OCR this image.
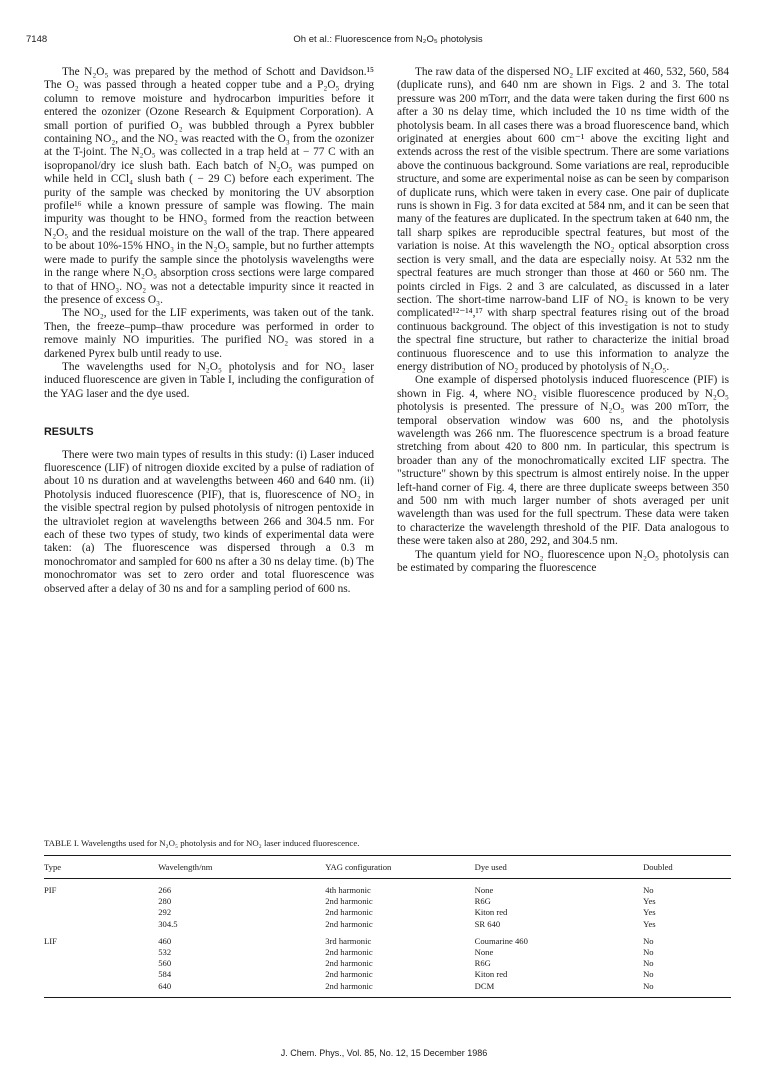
7148	Oh et al.: Fluorescence from N₂O₅ photolysis

The N₂O₅ was prepared by the method of Schott and Davidson.¹⁵ The O₂ was passed through a heated copper tube and a P₂O₅ drying column to remove moisture and hydrocarbon impurities before it entered the ozonizer (Ozone Research & Equipment Corporation). A small portion of purified O₂ was bubbled through a Pyrex bubbler containing NO₂, and the NO₂ was reacted with the O₃ from the ozonizer at the T-joint. The N₂O₅ was collected in a trap held at − 77 C with an isopropanol/dry ice slush bath. Each batch of N₂O₅ was pumped on while held in CCl₄ slush bath ( − 29 C) before each experiment. The purity of the sample was checked by monitoring the UV absorption profile¹⁶ while a known pressure of sample was flowing. The main impurity was thought to be HNO₃ formed from the reaction between N₂O₅ and the residual moisture on the wall of the trap. There appeared to be about 10%-15% HNO₃ in the N₂O₅ sample, but no further attempts were made to purify the sample since the photolysis wavelengths were in the range where N₂O₅ absorption cross sections were large compared to that of HNO₃. NO₂ was not a detectable impurity since it reacted in the presence of excess O₃.

The NO₂, used for the LIF experiments, was taken out of the tank. Then, the freeze–pump–thaw procedure was performed in order to remove mainly NO impurities. The purified NO₂ was stored in a darkened Pyrex bulb until ready to use.

The wavelengths used for N₂O₅ photolysis and for NO₂ laser induced fluorescence are given in Table I, including the configuration of the YAG laser and the dye used.

RESULTS

There were two main types of results in this study: (i) Laser induced fluorescence (LIF) of nitrogen dioxide excited by a pulse of radiation of about 10 ns duration and at wavelengths between 460 and 640 nm. (ii) Photolysis induced fluorescence (PIF), that is, fluorescence of NO₂ in the visible spectral region by pulsed photolysis of nitrogen pentoxide in the ultraviolet region at wavelengths between 266 and 304.5 nm. For each of these two types of study, two kinds of experimental data were taken: (a) The fluorescence was dispersed through a 0.3 m monochromator and sampled for 600 ns after a 30 ns delay time. (b) The monochromator was set to zero order and total fluorescence was observed after a delay of 30 ns and for a sampling period of 600 ns.

The raw data of the dispersed NO₂ LIF excited at 460, 532, 560, 584 (duplicate runs), and 640 nm are shown in Figs. 2 and 3. The total pressure was 200 mTorr, and the data were taken during the first 600 ns after a 30 ns delay time, which included the 10 ns time width of the photolysis beam. In all cases there was a broad fluorescence band, which originated at energies about 600 cm⁻¹ above the exciting light and extends across the rest of the visible spectrum. There are some variations above the continuous background. Some variations are real, reproducible structure, and some are experimental noise as can be seen by comparison of duplicate runs, which were taken in every case. One pair of duplicate runs is shown in Fig. 3 for data excited at 584 nm, and it can be seen that many of the features are duplicated. In the spectrum taken at 640 nm, the tall sharp spikes are reproducible spectral features, but most of the variation is noise. At this wavelength the NO₂ optical absorption cross section is very small, and the data are especially noisy. At 532 nm the spectral features are much stronger than those at 460 or 560 nm. The points circled in Figs. 2 and 3 are calculated, as discussed in a later section. The short-time narrow-band LIF of NO₂ is known to be very complicated¹²⁻¹⁴,¹⁷ with sharp spectral features rising out of the broad continuous background. The object of this investigation is not to study the spectral fine structure, but rather to characterize the initial broad continuous fluorescence and to use this information to analyze the energy distribution of NO₂ produced by photolysis of N₂O₅.

One example of dispersed photolysis induced fluorescence (PIF) is shown in Fig. 4, where NO₂ visible fluorescence produced by N₂O₅ photolysis is presented. The pressure of N₂O₅ was 200 mTorr, the temporal observation window was 600 ns, and the photolysis wavelength was 266 nm. The fluorescence spectrum is a broad feature stretching from about 420 to 800 nm. In particular, this spectrum is broader than any of the monochromatically excited LIF spectra. The "structure" shown by this spectrum is almost entirely noise. In the upper left-hand corner of Fig. 4, there are three duplicate sweeps between 350 and 500 nm with much larger number of shots averaged per unit wavelength than was used for the full spectrum. These data were taken to characterize the wavelength threshold of the PIF. Data analogous to these were taken also at 280, 292, and 304.5 nm.

The quantum yield for NO₂ fluorescence upon N₂O₅ photolysis can be estimated by comparing the fluorescence

TABLE I. Wavelengths used for N₂O₅ photolysis and for NO₂ laser induced fluorescence.
Type	Wavelength/nm	YAG configuration	Dye used	Doubled
PIF	266	4th harmonic	None	No
	280	2nd harmonic	R6G	Yes
	292	2nd harmonic	Kiton red	Yes
	304.5	2nd harmonic	SR 640	Yes
LIF	460	3rd harmonic	Coumarine 460	No
	532	2nd harmonic	None	No
	560	2nd harmonic	R6G	No
	584	2nd harmonic	Kiton red	No
	640	2nd harmonic	DCM	No
J. Chem. Phys., Vol. 85, No. 12, 15 December 1986
